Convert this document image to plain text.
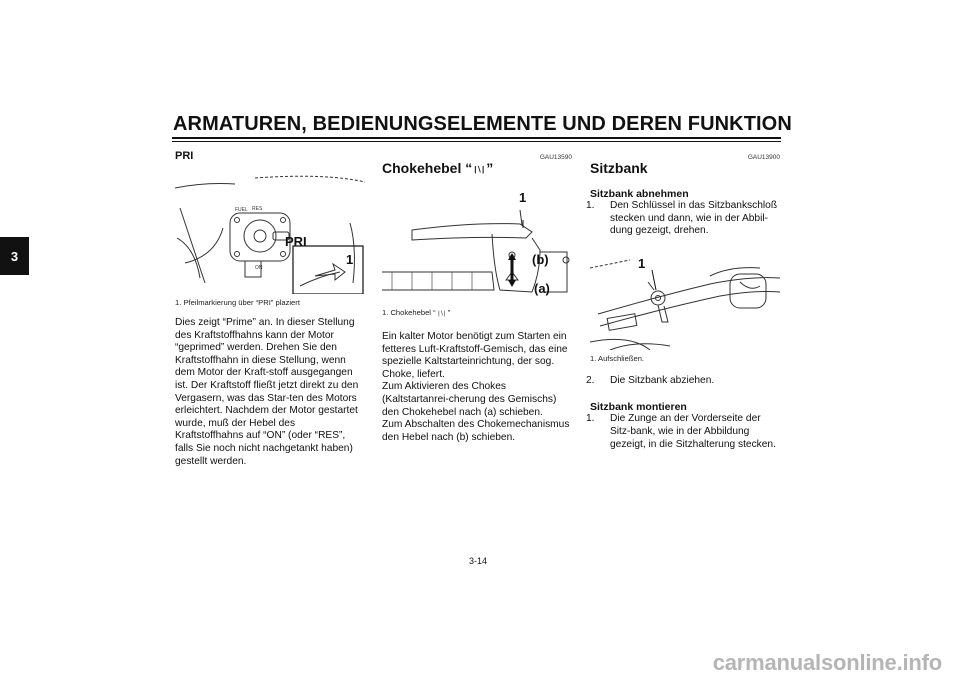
ARMATUREN, BEDIENUNGSELEMENTE UND DEREN FUNKTION
3

PRI

FUEL RES
ON
PRI
1

1. Pfeilmarkierung über “PRI” plaziert

Dies zeigt “Prime” an. In dieser Stellung des Kraftstoffhahns kann der Motor “geprimed” werden. Drehen Sie den Kraftstoffhahn in diese Stellung, wenn dem Motor der Kraft-stoff ausgegangen ist. Der Kraftstoff fließt jetzt direkt zu den Vergasern, was das Star-ten des Motors erleichtert. Nachdem der Motor gestartet wurde, muß der Hebel des Kraftstoffhahns auf “ON” (oder “RES”, falls Sie noch nicht nachgetankt haben) gestellt werden.

GAU13590

Chokehebel “ |∖| ”

1
(b)
(a)

1. Chokehebel “ |∖| ”

Ein kalter Motor benötigt zum Starten ein fetteres Luft-Kraftstoff-Gemisch, das eine spezielle Kaltstarteinrichtung, der sog. Choke, liefert.

Zum Aktivieren des Chokes (Kaltstartanrei-cherung des Gemischs) den Chokehebel nach (a) schieben.

Zum Abschalten des Chokemechanismus den Hebel nach (b) schieben.

GAU13900

Sitzbank

Sitzbank abnehmen

1. Den Schlüssel in das Sitzbankschloß stecken und dann, wie in der Abbil-dung gezeigt, drehen.

1

1. Aufschließen.

2. Die Sitzbank abziehen.

Sitzbank montieren

1. Die Zunge an der Vorderseite der Sitz-bank, wie in der Abbildung gezeigt, in die Sitzhalterung stecken.

3-14
carmanualsonline.info
